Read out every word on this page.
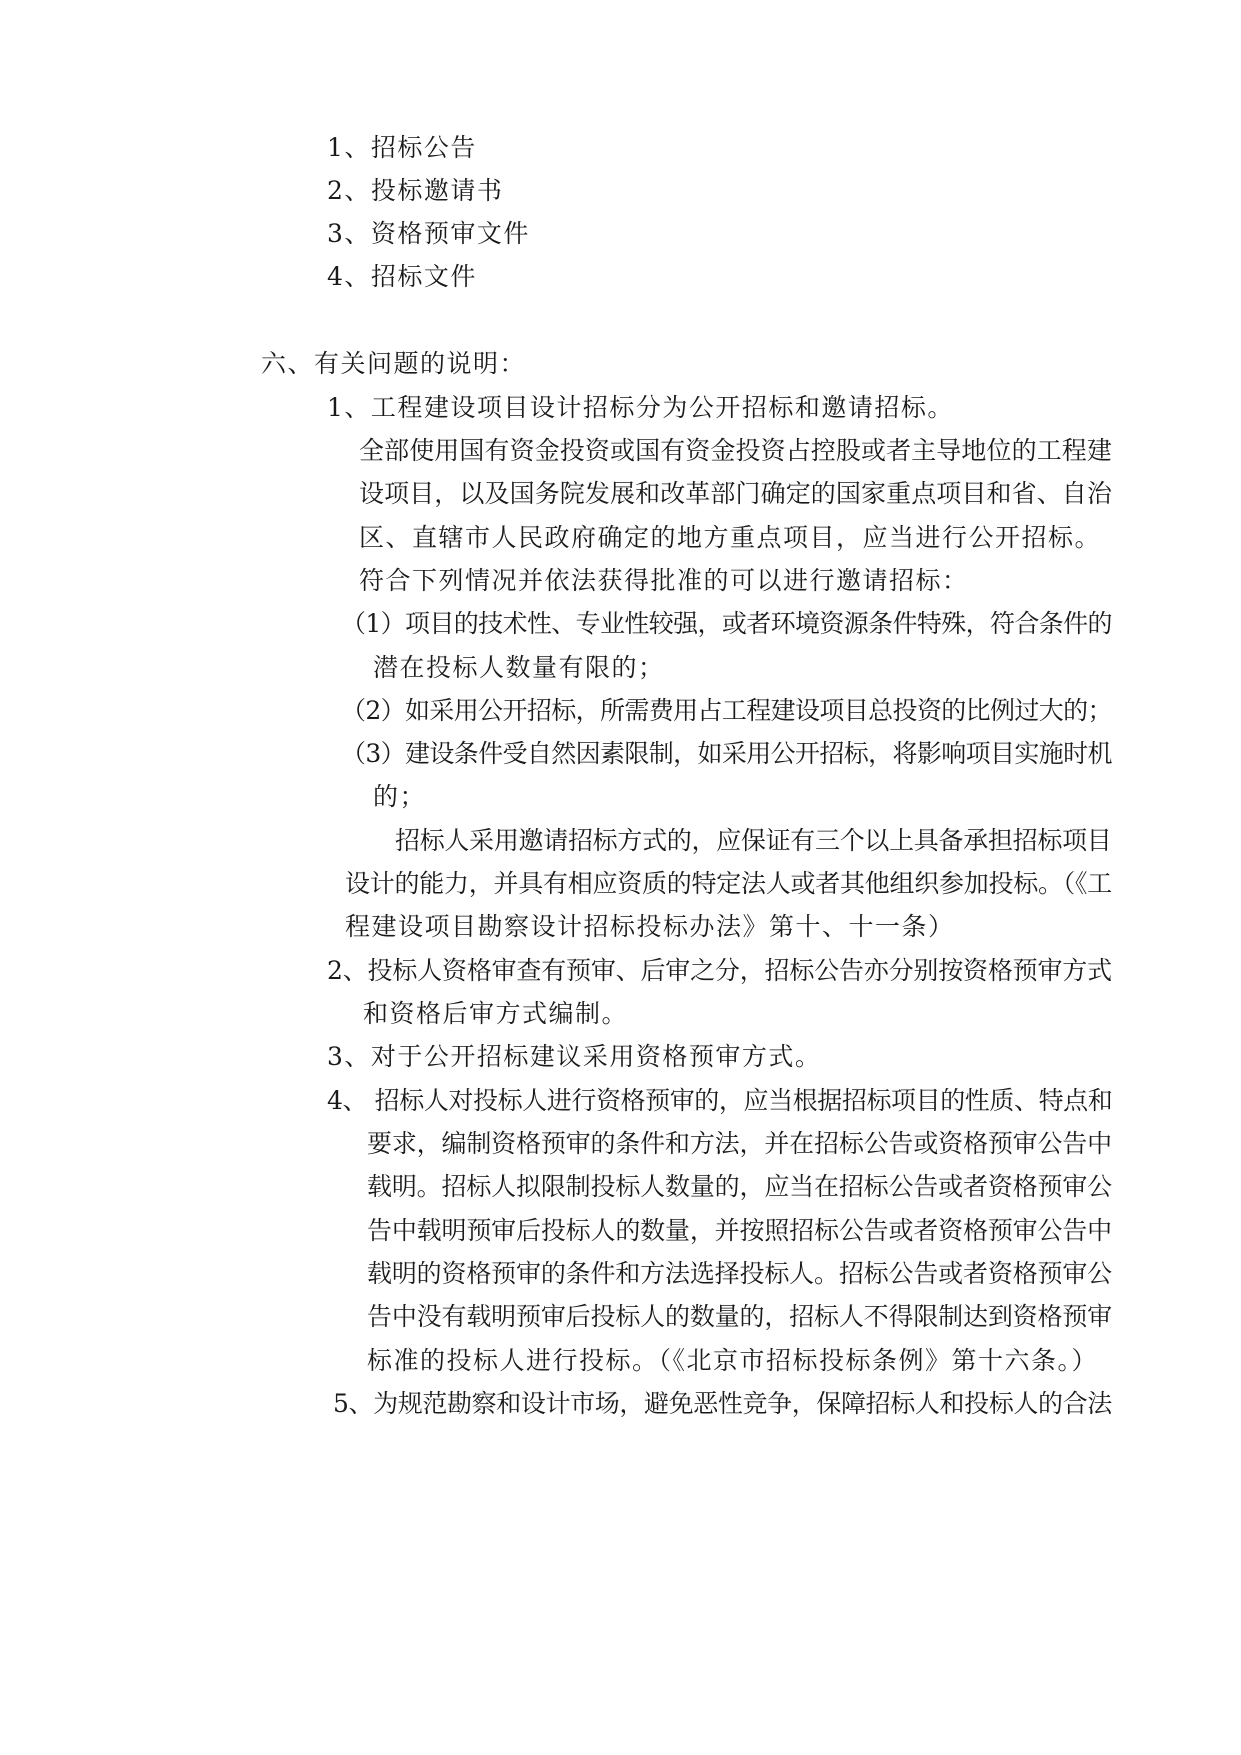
1、招标公告
2、投标邀请书
3、资格预审文件
4、招标文件
六、有关问题的说明：
1、工程建设项目设计招标分为公开招标和邀请招标。
全部使用国有资金投资或国有资金投资占控股或者主导地位的工程建
设项目，以及国务院发展和改革部门确定的国家重点项目和省、自治
区、直辖市人民政府确定的地方重点项目，应当进行公开招标。
符合下列情况并依法获得批准的可以进行邀请招标：
（1）项目的技术性、专业性较强，或者环境资源条件特殊，符合条件的
潜在投标人数量有限的；
（2）如采用公开招标，所需费用占工程建设项目总投资的比例过大的；
（3）建设条件受自然因素限制，如采用公开招标，将影响项目实施时机
的；
招标人采用邀请招标方式的，应保证有三个以上具备承担招标项目
设计的能力，并具有相应资质的特定法人或者其他组织参加投标。（《工
程建设项目勘察设计招标投标办法》第十、十一条）
2、投标人资格审查有预审、后审之分，招标公告亦分别按资格预审方式
和资格后审方式编制。
3、对于公开招标建议采用资格预审方式。
4、 招标人对投标人进行资格预审的，应当根据招标项目的性质、特点和
要求，编制资格预审的条件和方法，并在招标公告或资格预审公告中
载明。招标人拟限制投标人数量的，应当在招标公告或者资格预审公
告中载明预审后投标人的数量，并按照招标公告或者资格预审公告中
载明的资格预审的条件和方法选择投标人。招标公告或者资格预审公
告中没有载明预审后投标人的数量的，招标人不得限制达到资格预审
标准的投标人进行投标。（《北京市招标投标条例》第十六条。）
5、为规范勘察和设计市场，避免恶性竞争，保障招标人和投标人的合法
